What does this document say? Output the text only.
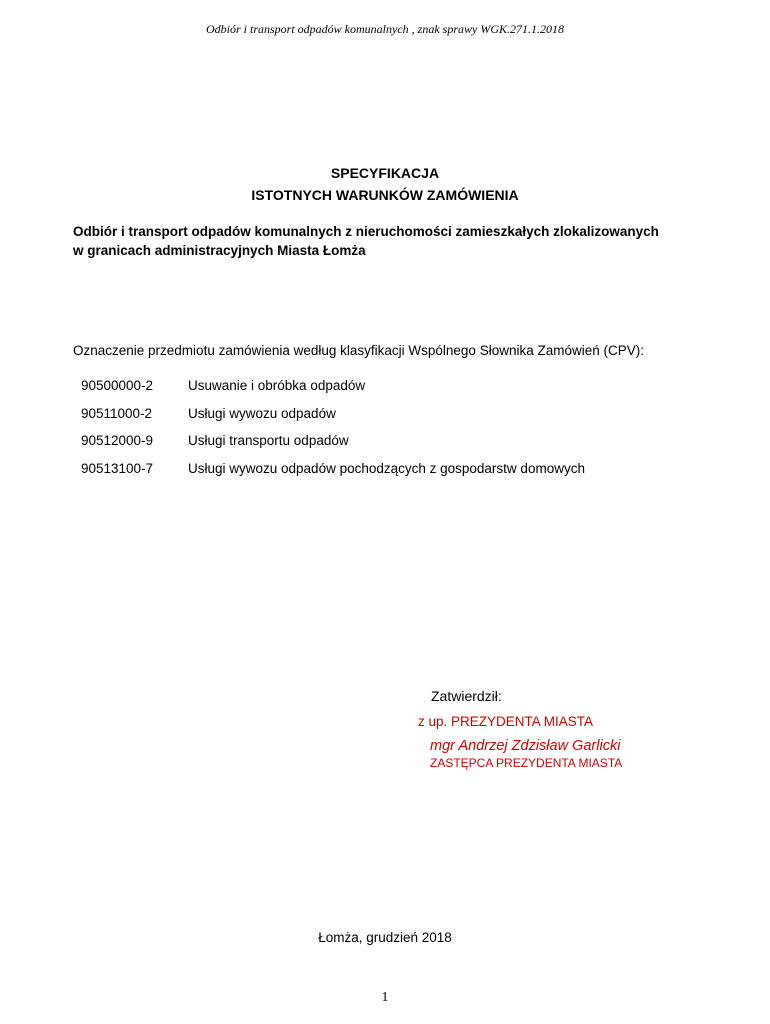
Odbiór i transport odpadów komunalnych , znak sprawy WGK.271.1.2018
SPECYFIKACJA
ISTOTNYCH WARUNKÓW ZAMÓWIENIA
Odbiór i transport odpadów komunalnych z nieruchomości zamieszkałych zlokalizowanych
w granicach administracyjnych Miasta Łomża
Oznaczenie przedmiotu zamówienia według klasyfikacji Wspólnego Słownika Zamówień (CPV):
90500000-2	Usuwanie i obróbka odpadów
90511000-2	Usługi wywozu odpadów
90512000-9	Usługi transportu odpadów
90513100-7	Usługi wywozu odpadów pochodzących z gospodarstw domowych
Zatwierdził:
z up. PREZYDENTA MIASTA
mgr Andrzej Zdzisław Garlicki
ZASTĘPCA PREZYDENTA MIASTA
Łomża, grudzień 2018
1
